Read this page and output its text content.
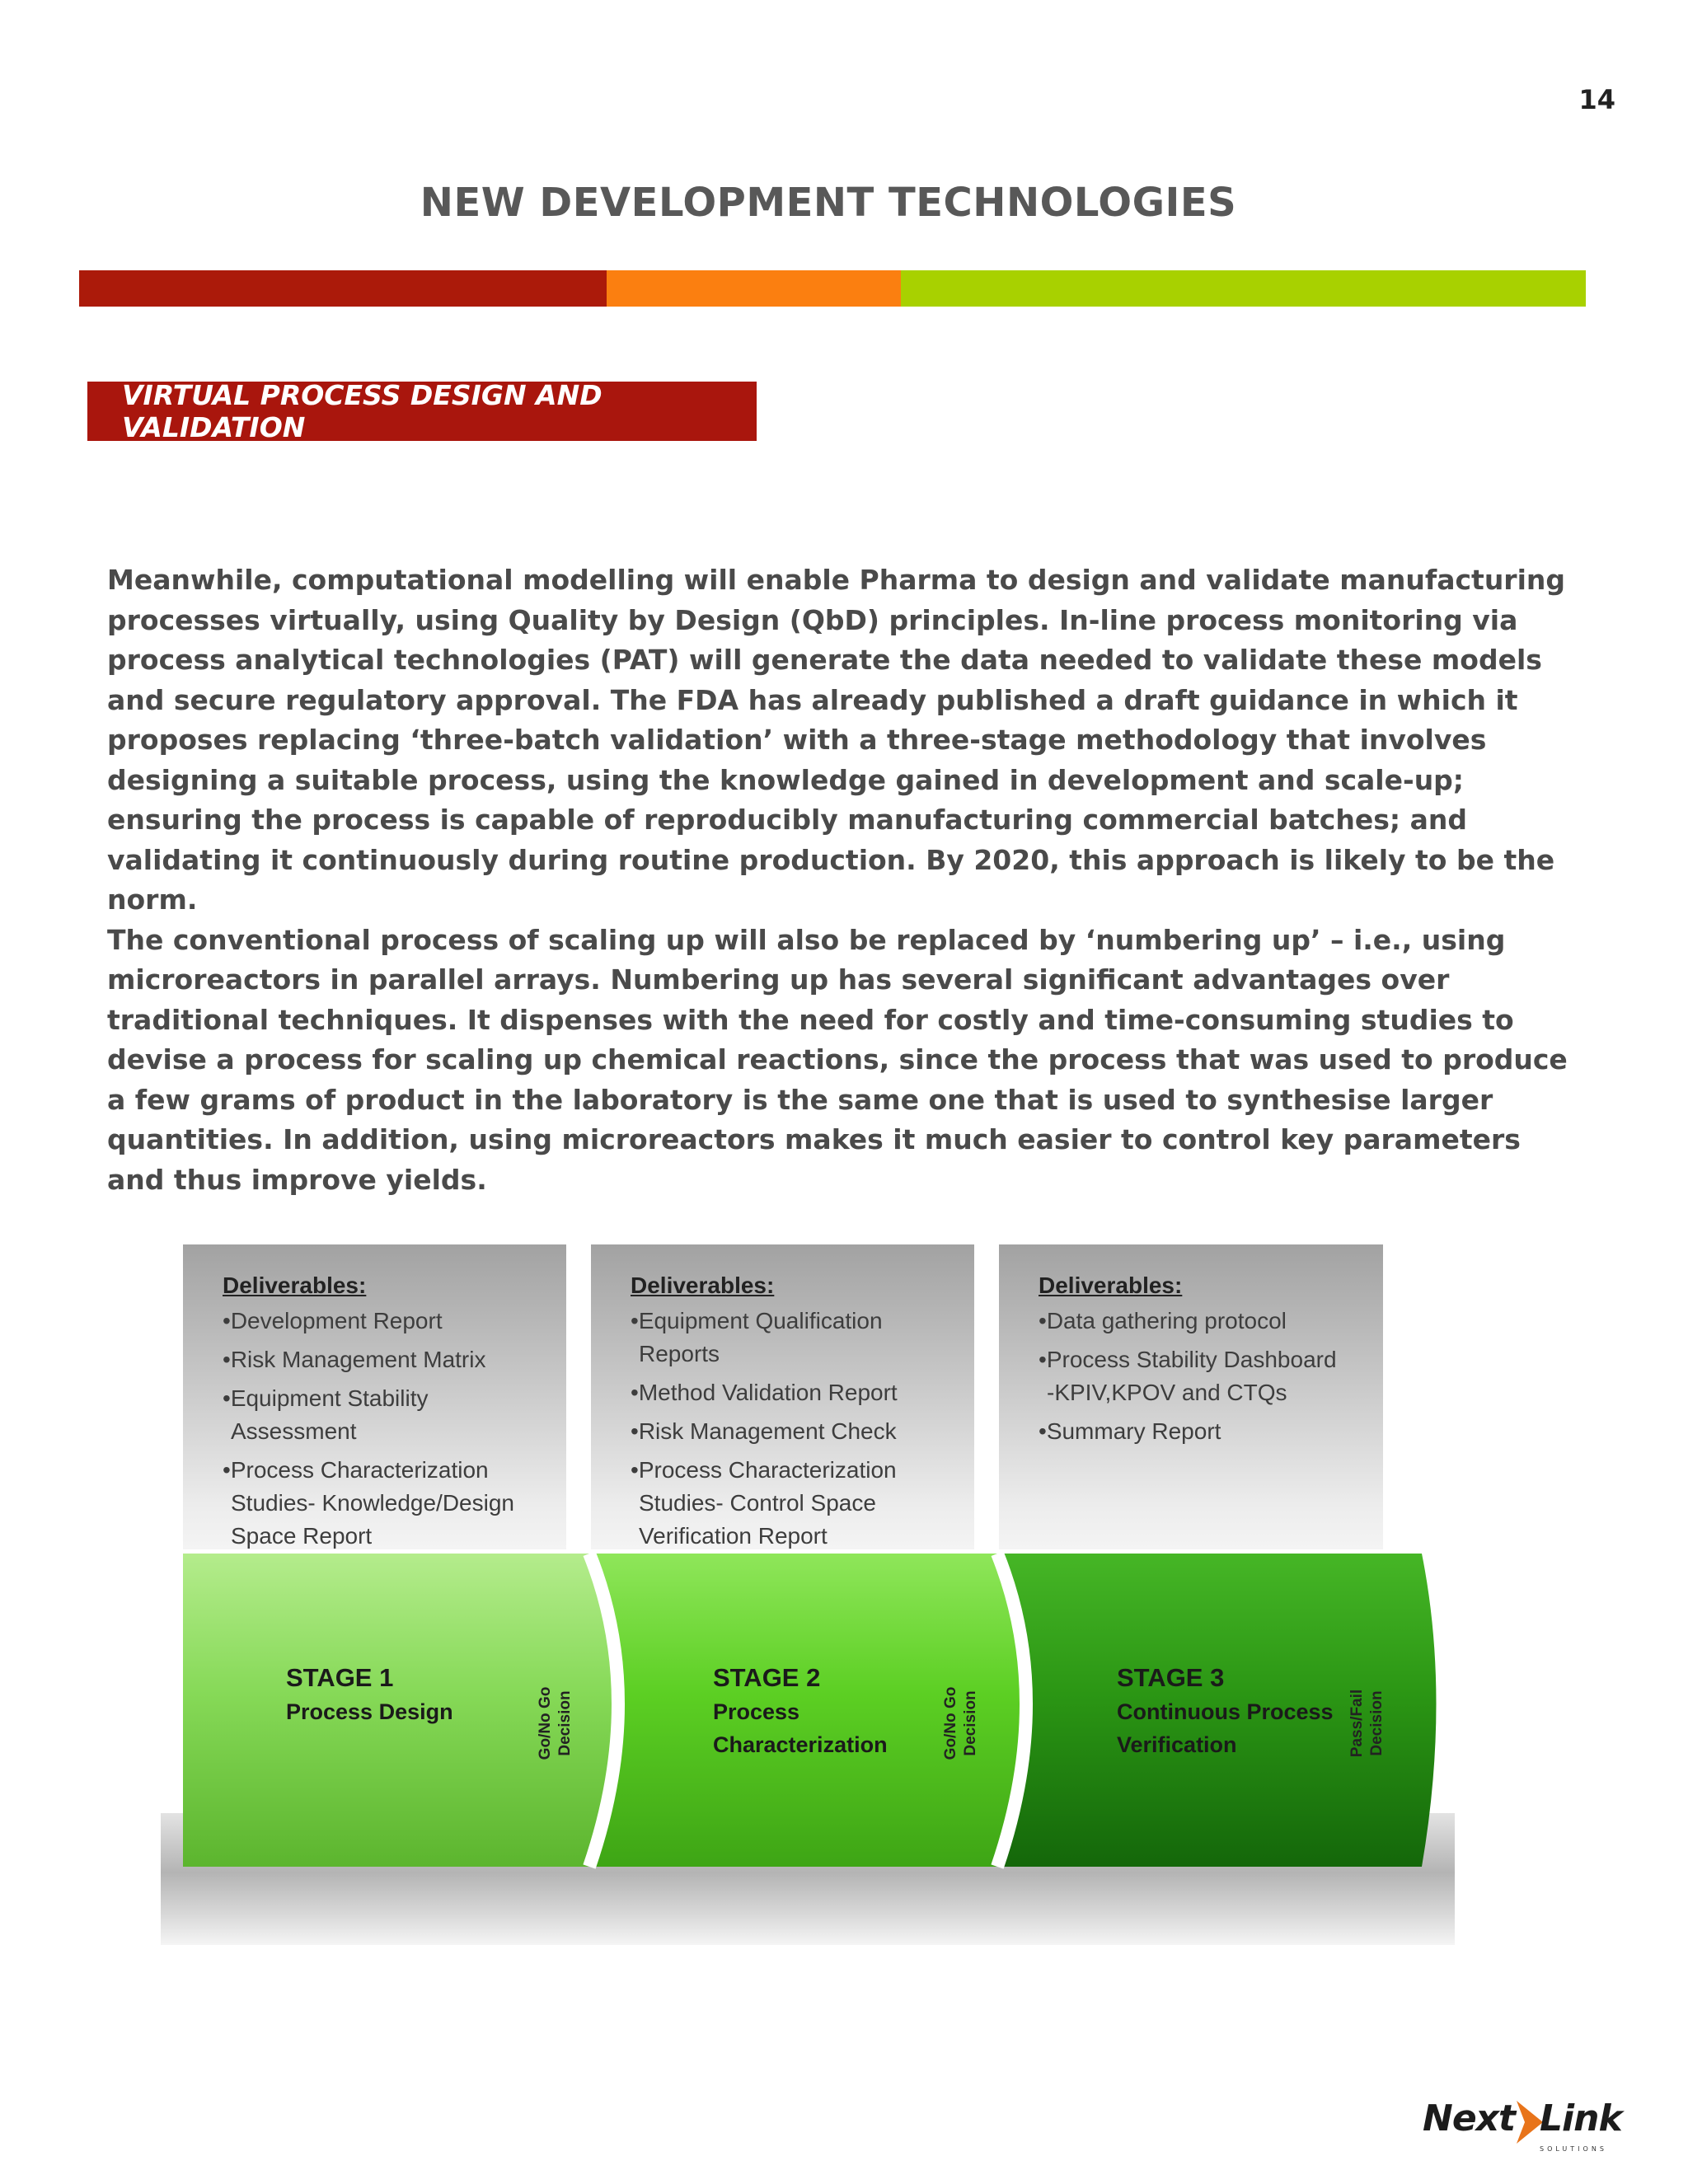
14
NEW DEVELOPMENT TECHNOLOGIES
VIRTUAL PROCESS DESIGN AND VALIDATION

Meanwhile, computational modelling will enable Pharma to design and validate manufacturing processes virtually, using Quality by Design (QbD) principles. In-line process monitoring via process analytical technologies (PAT) will generate the data needed to validate these models and secure regulatory approval. The FDA has already published a draft guidance in which it proposes replacing ‘three-batch validation’ with a three-stage methodology that involves designing a suitable process, using the knowledge gained in development and scale-up; ensuring the process is capable of reproducibly manufacturing commercial batches; and validating it continuously during routine production. By 2020, this approach is likely to be the norm.

The conventional process of scaling up will also be replaced by ‘numbering up’ – i.e., using microreactors in parallel arrays. Numbering up has several significant advantages over traditional techniques. It dispenses with the need for costly and time-consuming studies to devise a process for scaling up chemical reactions, since the process that was used to produce a few grams of product in the laboratory is the same one that is used to synthesise larger quantities. In addition, using microreactors makes it much easier to control key parameters and thus improve yields.

Deliverables:
• Development Report
• Risk Management Matrix
• Equipment Stability
Assessment
• Process Characterization
Studies- Knowledge/Design
Space Report
Deliverables:
• Equipment Qualification
Reports
• Method Validation Report
• Risk Management Check
• Process Characterization
Studies- Control Space
Verification Report
Deliverables:
• Data gathering protocol
• Process Stability Dashboard
-KPIV,KPOV and CTQs
• Summary Report
STAGE 1
Process Design
STAGE 2
Process
Characterization
STAGE 3
Continuous Process
Verification
Go/No Go Decision	Go/No Go Decision	Pass/Fail Decision
Next Link
SOLUTIONS
